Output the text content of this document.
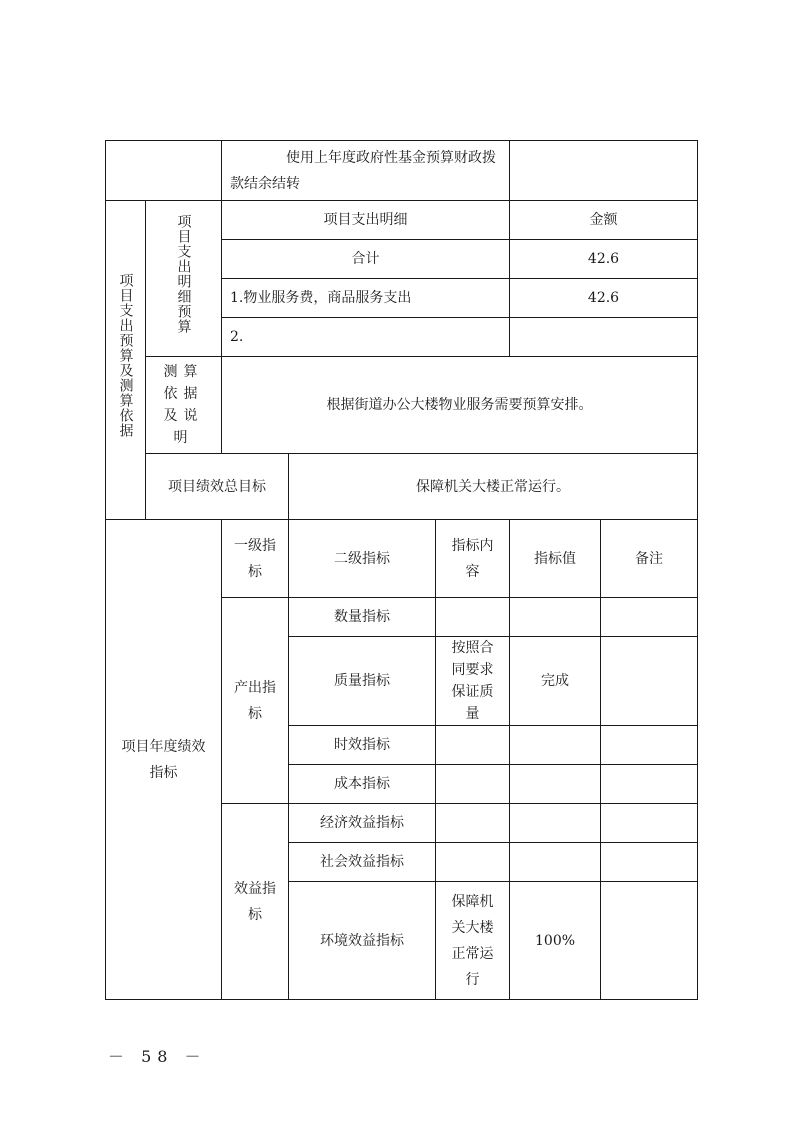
		使用上年度政府性基金预算财政拨款结余结转				
项目支出预算及测算依据	项目支出明细预算	项目支出明细			金额	
		合计			42.6	
		1.物业服务费，商品服务支出			42.6	
		2.				
	测算依据及说明	根据街道办公大楼物业服务需要预算安排。				
	项目绩效总目标		保障机关大楼正常运行。			
项目年度绩效指标		一级指标	二级指标	指标内容	指标值	备注
		产出指标	数量指标			
			质量指标	按照合同要求保证质量	完成	
			时效指标			
			成本指标			
		效益指标	经济效益指标			
			社会效益指标			
			环境效益指标	保障机关大楼正常运行	100%	
－ 58 －
